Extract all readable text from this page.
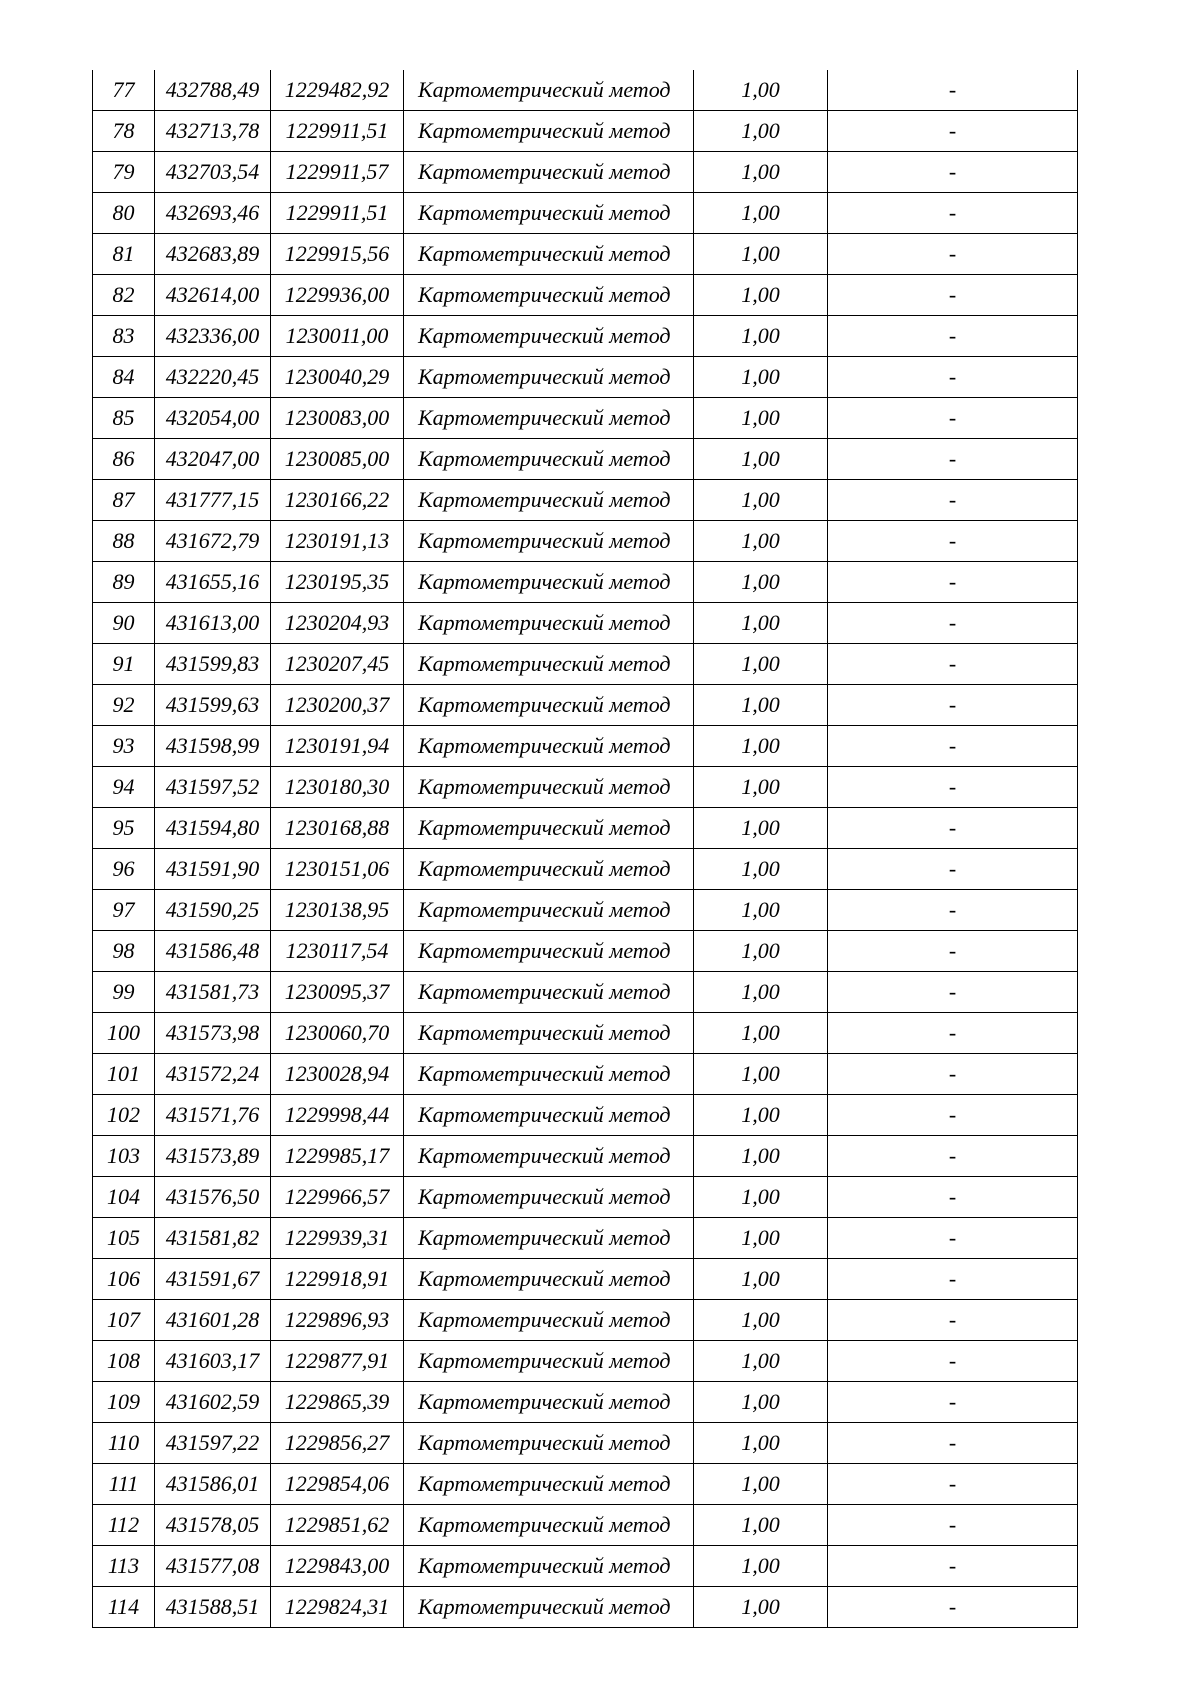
77	432788,49	1229482,92	Картометрический метод	1,00	-
78	432713,78	1229911,51	Картометрический метод	1,00	-
79	432703,54	1229911,57	Картометрический метод	1,00	-
80	432693,46	1229911,51	Картометрический метод	1,00	-
81	432683,89	1229915,56	Картометрический метод	1,00	-
82	432614,00	1229936,00	Картометрический метод	1,00	-
83	432336,00	1230011,00	Картометрический метод	1,00	-
84	432220,45	1230040,29	Картометрический метод	1,00	-
85	432054,00	1230083,00	Картометрический метод	1,00	-
86	432047,00	1230085,00	Картометрический метод	1,00	-
87	431777,15	1230166,22	Картометрический метод	1,00	-
88	431672,79	1230191,13	Картометрический метод	1,00	-
89	431655,16	1230195,35	Картометрический метод	1,00	-
90	431613,00	1230204,93	Картометрический метод	1,00	-
91	431599,83	1230207,45	Картометрический метод	1,00	-
92	431599,63	1230200,37	Картометрический метод	1,00	-
93	431598,99	1230191,94	Картометрический метод	1,00	-
94	431597,52	1230180,30	Картометрический метод	1,00	-
95	431594,80	1230168,88	Картометрический метод	1,00	-
96	431591,90	1230151,06	Картометрический метод	1,00	-
97	431590,25	1230138,95	Картометрический метод	1,00	-
98	431586,48	1230117,54	Картометрический метод	1,00	-
99	431581,73	1230095,37	Картометрический метод	1,00	-
100	431573,98	1230060,70	Картометрический метод	1,00	-
101	431572,24	1230028,94	Картометрический метод	1,00	-
102	431571,76	1229998,44	Картометрический метод	1,00	-
103	431573,89	1229985,17	Картометрический метод	1,00	-
104	431576,50	1229966,57	Картометрический метод	1,00	-
105	431581,82	1229939,31	Картометрический метод	1,00	-
106	431591,67	1229918,91	Картометрический метод	1,00	-
107	431601,28	1229896,93	Картометрический метод	1,00	-
108	431603,17	1229877,91	Картометрический метод	1,00	-
109	431602,59	1229865,39	Картометрический метод	1,00	-
110	431597,22	1229856,27	Картометрический метод	1,00	-
111	431586,01	1229854,06	Картометрический метод	1,00	-
112	431578,05	1229851,62	Картометрический метод	1,00	-
113	431577,08	1229843,00	Картометрический метод	1,00	-
114	431588,51	1229824,31	Картометрический метод	1,00	-
